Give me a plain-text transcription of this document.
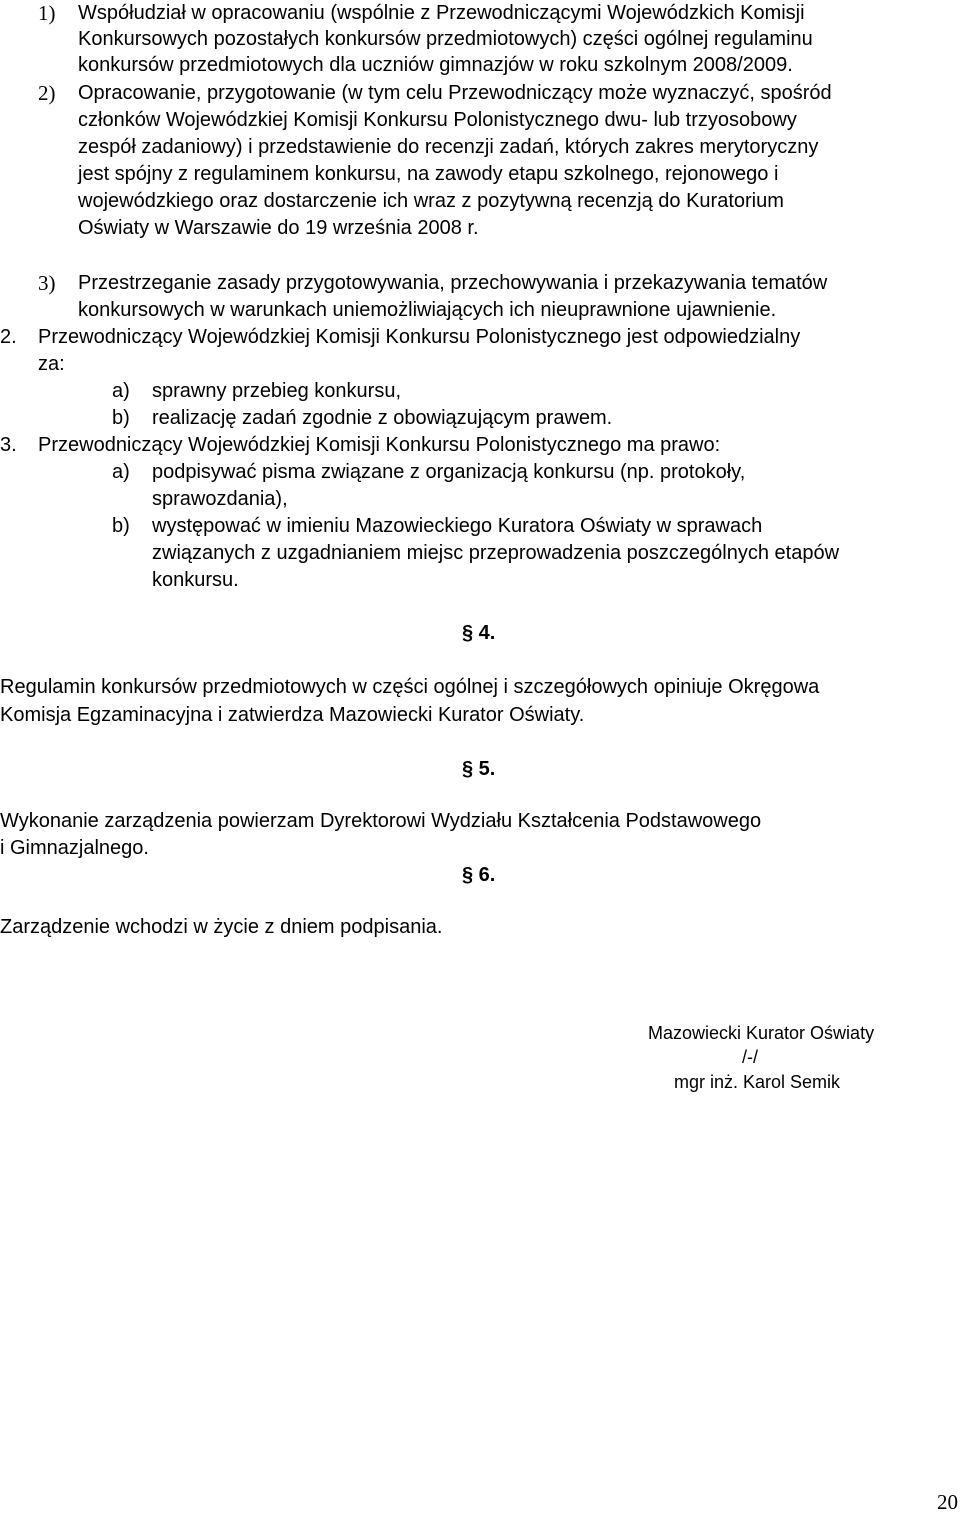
1) Współudział w opracowaniu (wspólnie z Przewodniczącymi Wojewódzkich Komisji
Konkursowych pozostałych konkursów przedmiotowych) części ogólnej regulaminu
konkursów przedmiotowych dla uczniów gimnazjów w roku szkolnym 2008/2009.
2) Opracowanie, przygotowanie (w tym celu Przewodniczący może wyznaczyć, spośród
członków Wojewódzkiej Komisji Konkursu Polonistycznego dwu- lub trzyosobowy
zespół zadaniowy) i przedstawienie do recenzji zadań, których zakres merytoryczny
jest spójny z regulaminem konkursu, na zawody etapu szkolnego, rejonowego i
wojewódzkiego oraz dostarczenie ich wraz z pozytywną recenzją do Kuratorium
Oświaty w Warszawie do 19 września 2008 r.
3) Przestrzeganie zasady przygotowywania, przechowywania i przekazywania tematów
konkursowych w warunkach uniemożliwiających ich nieuprawnione ujawnienie.
2. Przewodniczący Wojewódzkiej Komisji Konkursu Polonistycznego jest odpowiedzialny
za:
a) sprawny przebieg konkursu,
b) realizację zadań zgodnie z obowiązującym prawem.
3. Przewodniczący Wojewódzkiej Komisji Konkursu Polonistycznego ma prawo:
a) podpisywać pisma związane z organizacją konkursu (np. protokoły,
sprawozdania),
b) występować w imieniu Mazowieckiego Kuratora Oświaty w sprawach
związanych z uzgadnianiem miejsc przeprowadzenia poszczególnych etapów
konkursu.
§ 4.
Regulamin konkursów przedmiotowych w części ogólnej i szczegółowych opiniuje Okręgowa
Komisja Egzaminacyjna i zatwierdza Mazowiecki Kurator Oświaty.
§ 5.
Wykonanie zarządzenia powierzam Dyrektorowi Wydziału Kształcenia Podstawowego
i Gimnazjalnego.
§ 6.
Zarządzenie wchodzi w życie z dniem podpisania.
Mazowiecki Kurator Oświaty
/-/
mgr inż. Karol Semik
20
